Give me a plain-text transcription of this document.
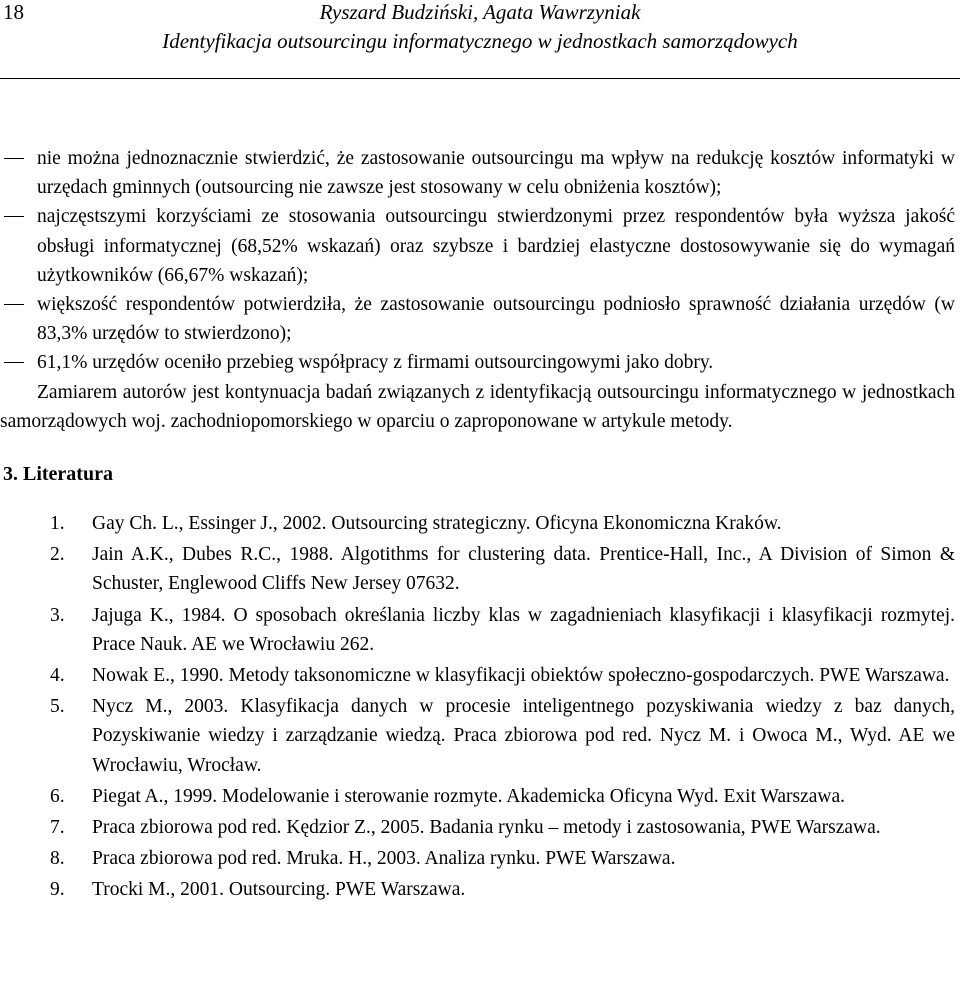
18	Ryszard Budziński, Agata Wawrzyniak
Identyfikacja outsourcingu informatycznego w jednostkach samorządowych
nie można jednoznacznie stwierdzić, że zastosowanie outsourcingu ma wpływ na redukcję kosztów informatyki w urzędach gminnych (outsourcing nie zawsze jest stosowany w celu obniżenia kosztów);
najczęstszymi korzyściami ze stosowania outsourcingu stwierdzonymi przez respondentów była wyższa jakość obsługi informatycznej (68,52% wskazań) oraz szybsze i bardziej elastyczne dostosowywanie się do wymagań użytkowników (66,67% wskazań);
większość respondentów potwierdziła, że zastosowanie outsourcingu podniosło sprawność działania urzędów (w 83,3% urzędów to stwierdzono);
61,1% urzędów oceniło przebieg współpracy z firmami outsourcingowymi jako dobry.

Zamiarem autorów jest kontynuacja badań związanych z identyfikacją outsourcingu informatycznego w jednostkach samorządowych woj. zachodniopomorskiego w oparciu o zaproponowane w artykule metody.

3. Literatura
1. Gay Ch. L., Essinger J., 2002. Outsourcing strategiczny. Oficyna Ekonomiczna Kraków.
2. Jain A.K., Dubes R.C., 1988. Algotithms for clustering data. Prentice-Hall, Inc., A Division of Simon & Schuster, Englewood Cliffs New Jersey 07632.
3. Jajuga K., 1984. O sposobach określania liczby klas w zagadnieniach klasyfikacji i klasyfikacji rozmytej. Prace Nauk. AE we Wrocławiu 262.
4. Nowak E., 1990. Metody taksonomiczne w klasyfikacji obiektów społeczno-gospodarczych. PWE Warszawa.
5. Nycz M., 2003. Klasyfikacja danych w procesie inteligentnego pozyskiwania wiedzy z baz danych, Pozyskiwanie wiedzy i zarządzanie wiedzą. Praca zbiorowa pod red. Nycz M. i Owoca M., Wyd. AE we Wrocławiu, Wrocław.
6. Piegat A., 1999. Modelowanie i sterowanie rozmyte. Akademicka Oficyna Wyd. Exit Warszawa.
7. Praca zbiorowa pod red. Kędzior Z., 2005. Badania rynku – metody i zastosowania, PWE Warszawa.
8. Praca zbiorowa pod red. Mruka. H., 2003. Analiza rynku. PWE Warszawa.
9. Trocki M., 2001. Outsourcing. PWE Warszawa.
